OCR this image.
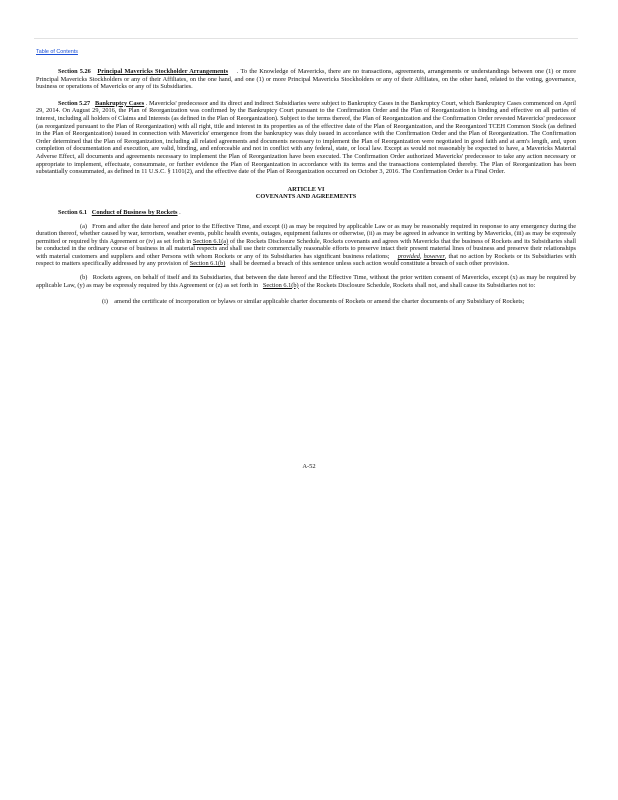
Table of Contents

Section 5.26 Principal Mavericks Stockholder Arrangements . To the Knowledge of Mavericks, there are no transactions, agreements, arrangements or understandings between one (1) or more Principal Mavericks Stockholders or any of their Affiliates, on the one hand, and one (1) or more Principal Mavericks Stockholders or any of their Affiliates, on the other hand, related to the voting, governance, business or operations of Mavericks or any of its Subsidiaries.

Section 5.27 Bankruptcy Cases . Mavericks' predecessor and its direct and indirect Subsidiaries were subject to Bankruptcy Cases in the Bankruptcy Court, which Bankruptcy Cases commenced on April 29, 2014. On August 29, 2016, the Plan of Reorganization was confirmed by the Bankruptcy Court pursuant to the Confirmation Order and the Plan of Reorganization is binding and effective on all parties of interest, including all holders of Claims and Interests (as defined in the Plan of Reorganization). Subject to the terms thereof, the Plan of Reorganization and the Confirmation Order revested Mavericks' predecessor (as reorganized pursuant to the Plan of Reorganization) with all right, title and interest in its properties as of the effective date of the Plan of Reorganization, and the Reorganized TCEH Common Stock (as defined in the Plan of Reorganization) issued in connection with Mavericks' emergence from the bankruptcy was duly issued in accordance with the Confirmation Order and the Plan of Reorganization. The Confirmation Order determined that the Plan of Reorganization, including all related agreements and documents necessary to implement the Plan of Reorganization were negotiated in good faith and at arm's length, and, upon completion of documentation and execution, are valid, binding, and enforceable and not in conflict with any federal, state, or local law. Except as would not reasonably be expected to have, a Mavericks Material Adverse Effect, all documents and agreements necessary to implement the Plan of Reorganization have been executed. The Confirmation Order authorized Mavericks' predecessor to take any action necessary or appropriate to implement, effectuate, consummate, or further evidence the Plan of Reorganization in accordance with its terms and the transactions contemplated thereby. The Plan of Reorganization has been substantially consummated, as defined in 11 U.S.C. § 1101(2), and the effective date of the Plan of Reorganization occurred on October 3, 2016. The Confirmation Order is a Final Order.

ARTICLE VI
COVENANTS AND AGREEMENTS

Section 6.1 Conduct of Business by Rockets .

(a) From and after the date hereof and prior to the Effective Time, and except (i) as may be required by applicable Law or as may be reasonably required in response to any emergency during the duration thereof, whether caused by war, terrorism, weather events, public health events, outages, equipment failures or otherwise, (ii) as may be agreed in advance in writing by Mavericks, (iii) as may be expressly permitted or required by this Agreement or (iv) as set forth in Section 6.1(a) of the Rockets Disclosure Schedule, Rockets covenants and agrees with Mavericks that the business of Rockets and its Subsidiaries shall be conducted in the ordinary course of business in all material respects and shall use their commercially reasonable efforts to preserve intact their present material lines of business and preserve their relationships with material customers and suppliers and other Persons with whom Rockets or any of its Subsidiaries has significant business relations; provided, however, that no action by Rockets or its Subsidiaries with respect to matters specifically addressed by any provision of Section 6.1(b) shall be deemed a breach of this sentence unless such action would constitute a breach of such other provision.

(b) Rockets agrees, on behalf of itself and its Subsidiaries, that between the date hereof and the Effective Time, without the prior written consent of Mavericks, except (x) as may be required by applicable Law, (y) as may be expressly required by this Agreement or (z) as set forth in Section 6.1(b) of the Rockets Disclosure Schedule, Rockets shall not, and shall cause its Subsidiaries not to:

(i) amend the certificate of incorporation or bylaws or similar applicable charter documents of Rockets or amend the charter documents of any Subsidiary of Rockets;

A-52
